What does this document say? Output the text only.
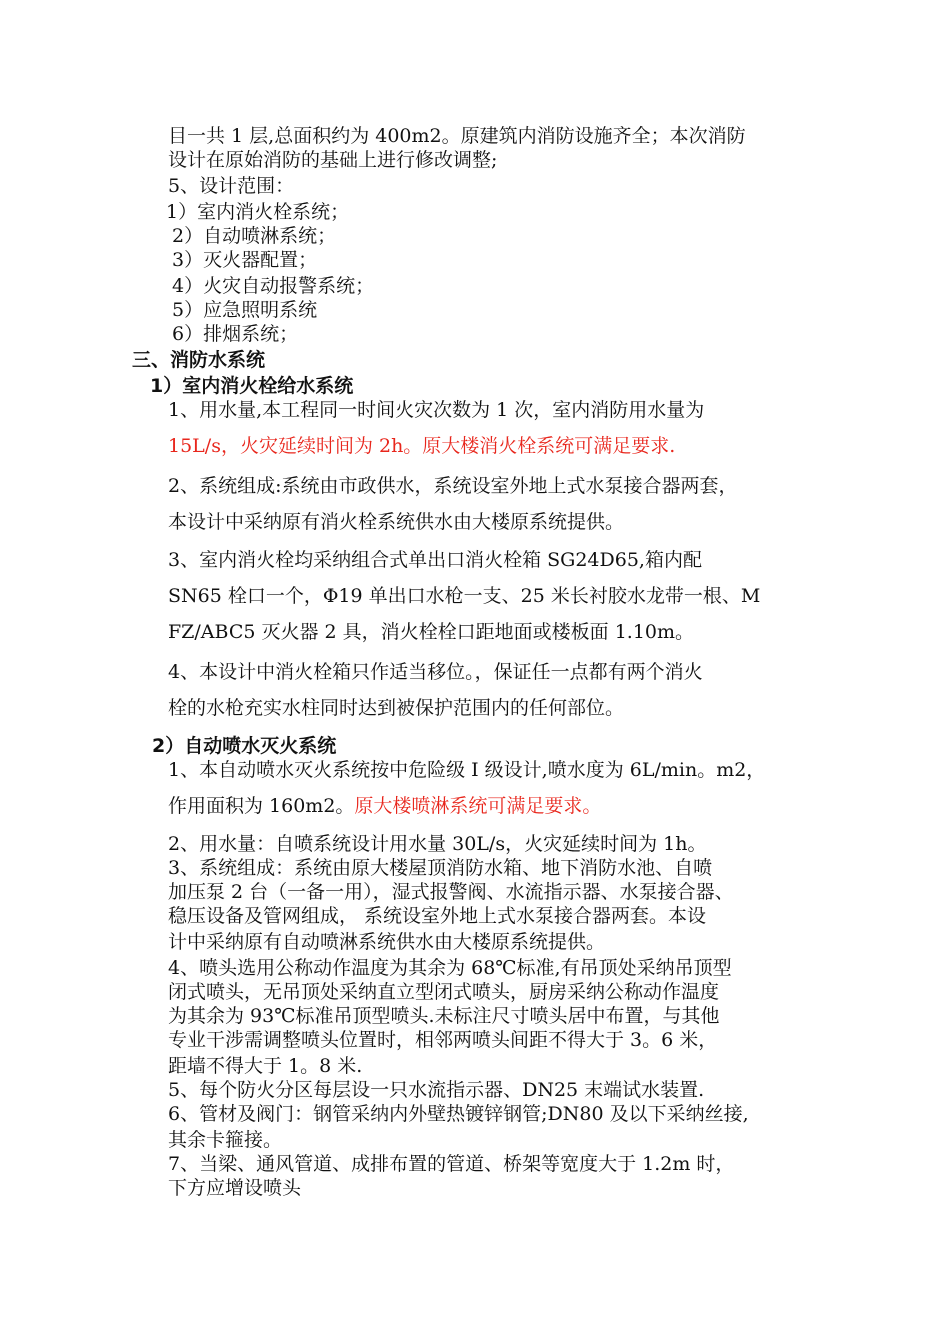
目一共 1 层,总面积约为 400m2。原建筑内消防设施齐全；本次消防
设计在原始消防的基础上进行修改调整;
5、设计范围：
1）室内消火栓系统；
2）自动喷淋系统；
3）灭火器配置；
4）火灾自动报警系统；
5）应急照明系统
6）排烟系统；
三、消防水系统
1）室内消火栓给水系统
1、用水量,本工程同一时间火灾次数为 1 次，室内消防用水量为
15L/s，火灾延续时间为 2h。原大楼消火栓系统可满足要求.
2、系统组成:系统由市政供水，系统设室外地上式水泵接合器两套，
本设计中采纳原有消火栓系统供水由大楼原系统提供。
3、室内消火栓均采纳组合式单出口消火栓箱 SG24D65,箱内配
SN65 栓口一个，Φ19 单出口水枪一支、25 米长衬胶水龙带一根、M
FZ/ABC5 灭火器 2 具，消火栓栓口距地面或楼板面 1.10m。
4、本设计中消火栓箱只作适当移位。，保证任一点都有两个消火
栓的水枪充实水柱同时达到被保护范围内的任何部位。
2）自动喷水灭火系统
1、本自动喷水灭火系统按中危险级 I 级设计,喷水度为 6L/min。m2，
作用面积为 160m2。原大楼喷淋系统可满足要求。
2、用水量：自喷系统设计用水量 30L/s，火灾延续时间为 1h。
3、系统组成：系统由原大楼屋顶消防水箱、地下消防水池、自喷
加压泵 2 台（一备一用），湿式报警阀、水流指示器、水泵接合器、
稳压设备及管网组成， 系统设室外地上式水泵接合器两套。本设
计中采纳原有自动喷淋系统供水由大楼原系统提供。
4、喷头选用公称动作温度为其余为 68℃标准,有吊顶处采纳吊顶型
闭式喷头，无吊顶处采纳直立型闭式喷头，厨房采纳公称动作温度
为其余为 93℃标准吊顶型喷头.未标注尺寸喷头居中布置，与其他
专业干涉需调整喷头位置时，相邻两喷头间距不得大于 3。6 米，
距墙不得大于 1。8 米.
5、每个防火分区每层设一只水流指示器、DN25 末端试水装置.
6、管材及阀门：钢管采纳内外壁热镀锌钢管;DN80 及以下采纳丝接,
其余卡箍接。
7、当梁、通风管道、成排布置的管道、桥架等宽度大于 1.2m 时，
下方应增设喷头
